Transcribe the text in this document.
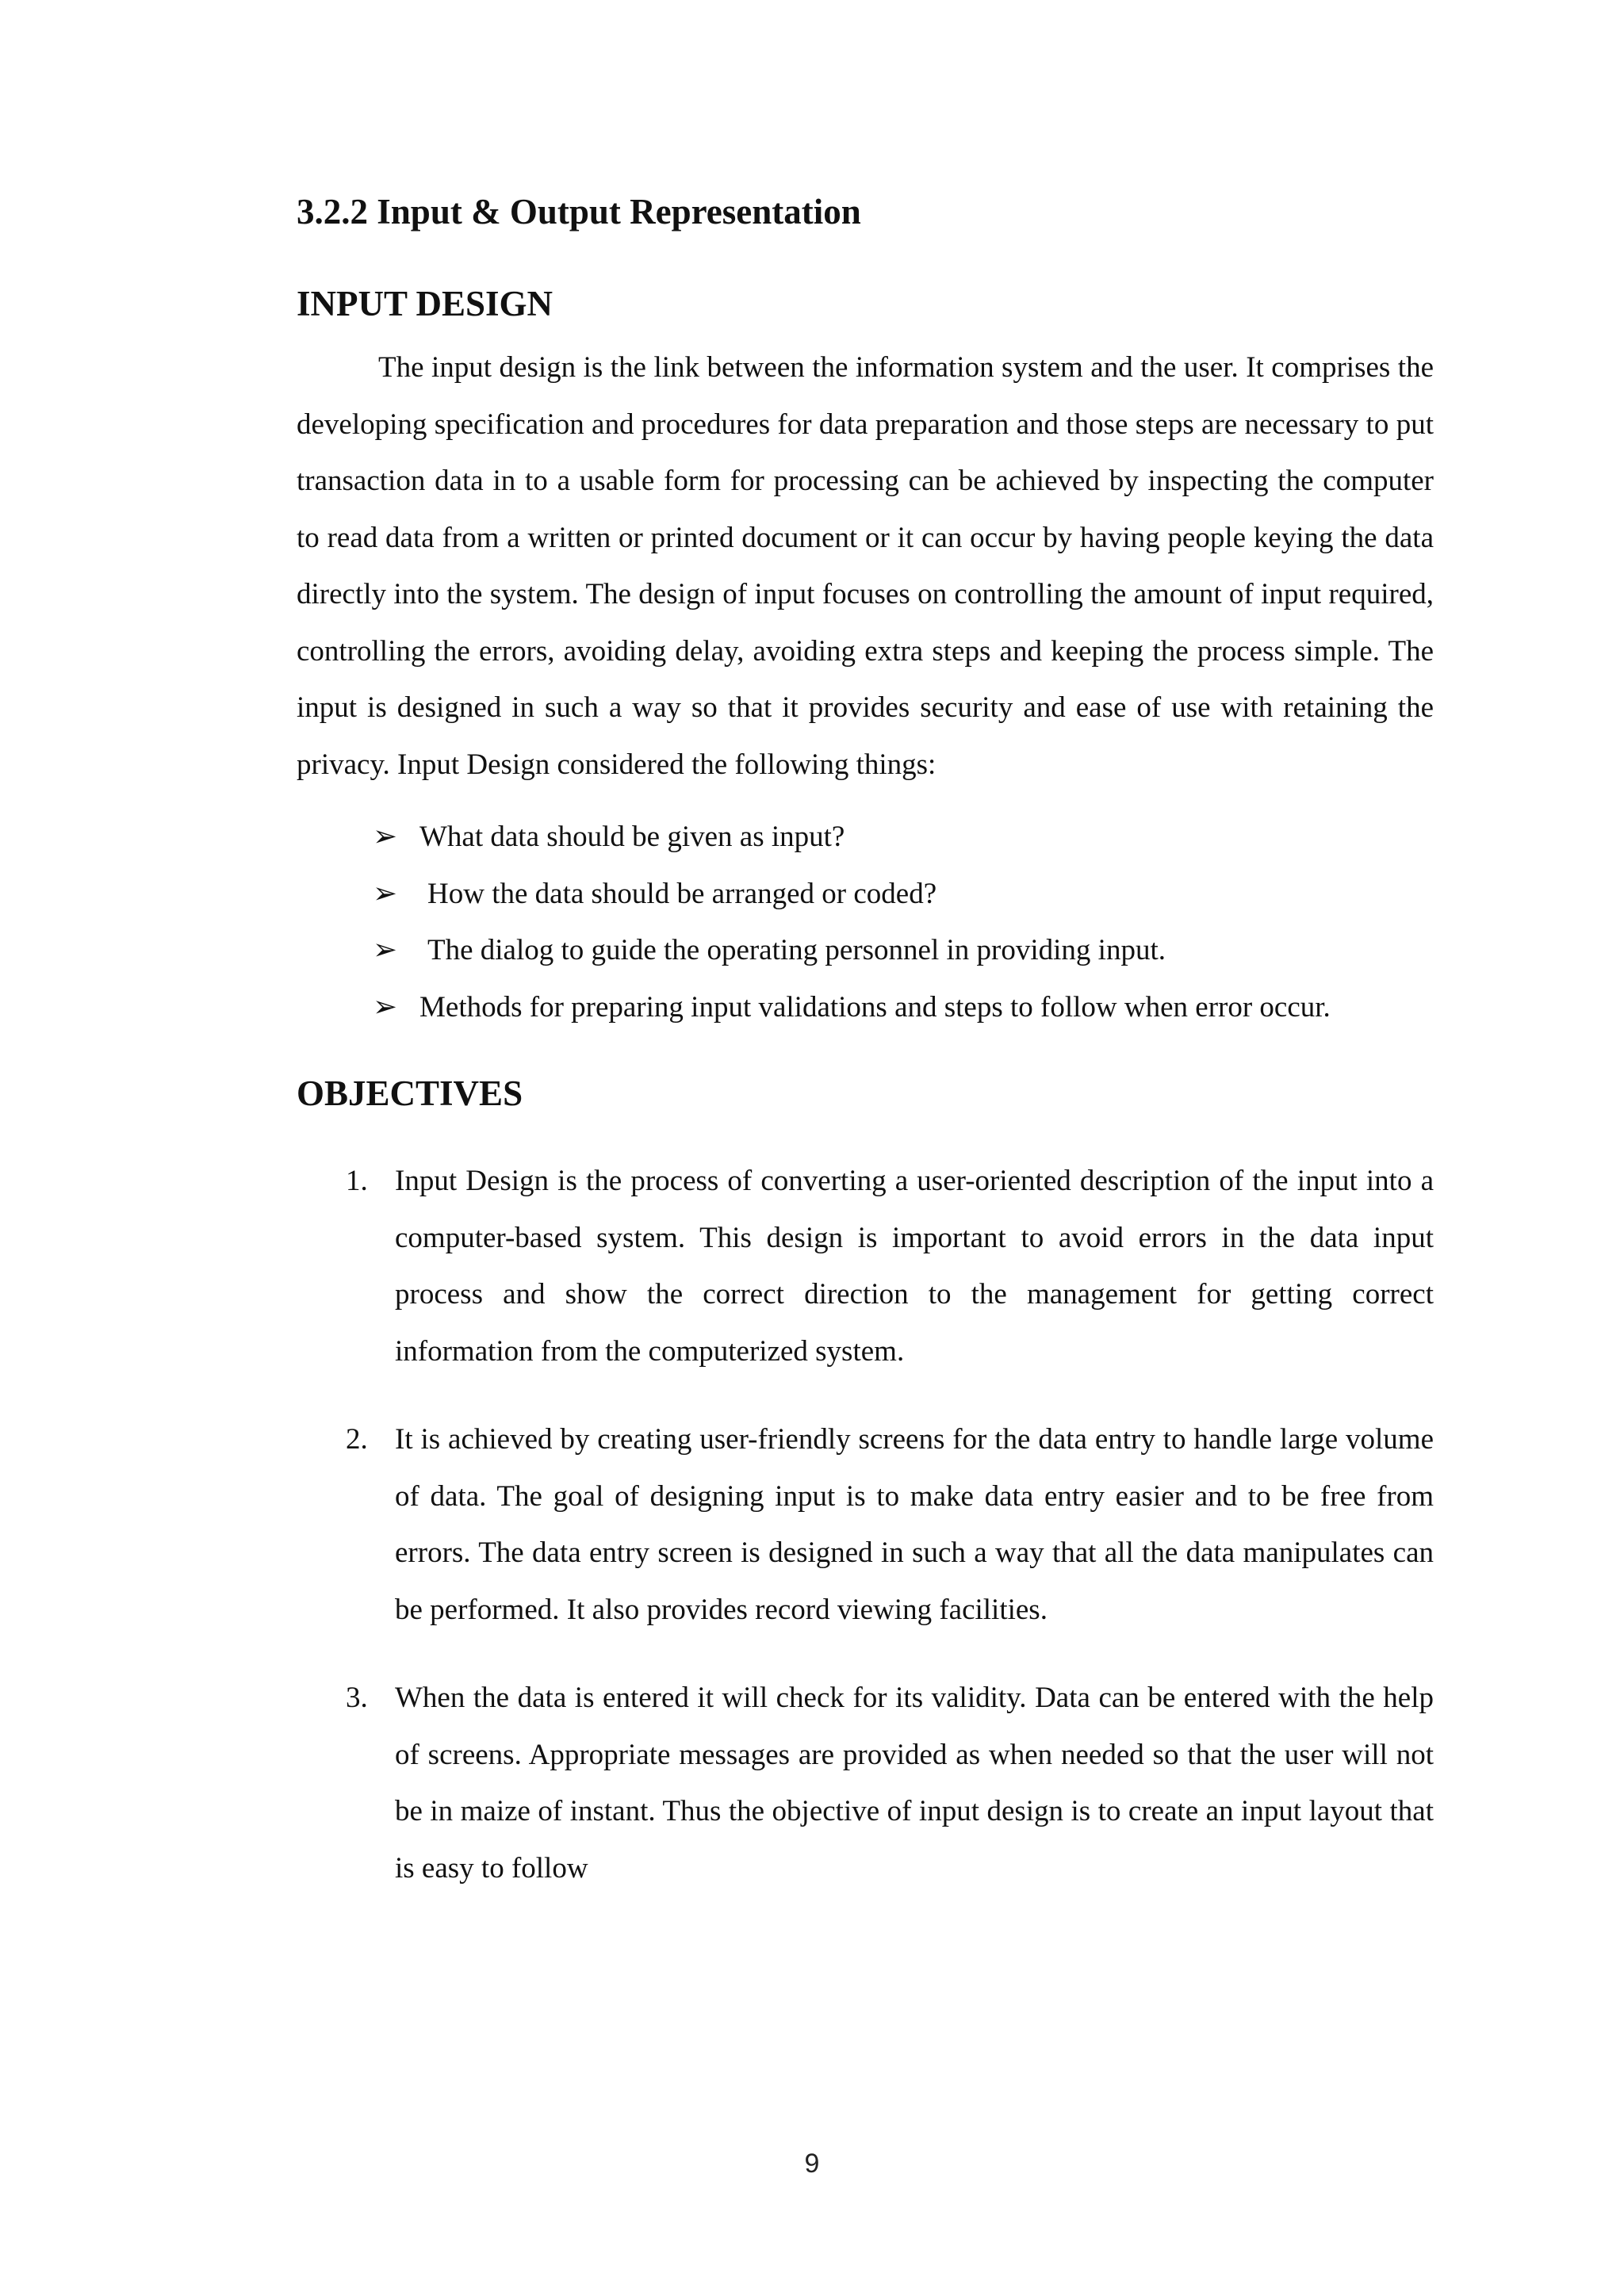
3.2.2 Input & Output Representation
INPUT DESIGN

The input design is the link between the information system and the user. It comprises the developing specification and procedures for data preparation and those steps are necessary to put transaction data in to a usable form for processing can be achieved by inspecting the computer to read data from a written or printed document or it can occur by having people keying the data directly into the system. The design of input focuses on controlling the amount of input required, controlling the errors, avoiding delay, avoiding extra steps and keeping the process simple. The input is designed in such a way so that it provides security and ease of use with retaining the privacy. Input Design considered the following things:

➢ What data should be given as input?
➢ How the data should be arranged or coded?
➢ The dialog to guide the operating personnel in providing input.
➢ Methods for preparing input validations and steps to follow when error occur.
OBJECTIVES
1. Input Design is the process of converting a user-oriented description of the input into a computer-based system. This design is important to avoid errors in the data input process and show the correct direction to the management for getting correct information from the computerized system.
2. It is achieved by creating user-friendly screens for the data entry to handle large volume of data. The goal of designing input is to make data entry easier and to be free from errors. The data entry screen is designed in such a way that all the data manipulates can be performed. It also provides record viewing facilities.
3. When the data is entered it will check for its validity. Data can be entered with the help of screens. Appropriate messages are provided as when needed so that the user will not be in maize of instant. Thus the objective of input design is to create an input layout that is easy to follow
9
